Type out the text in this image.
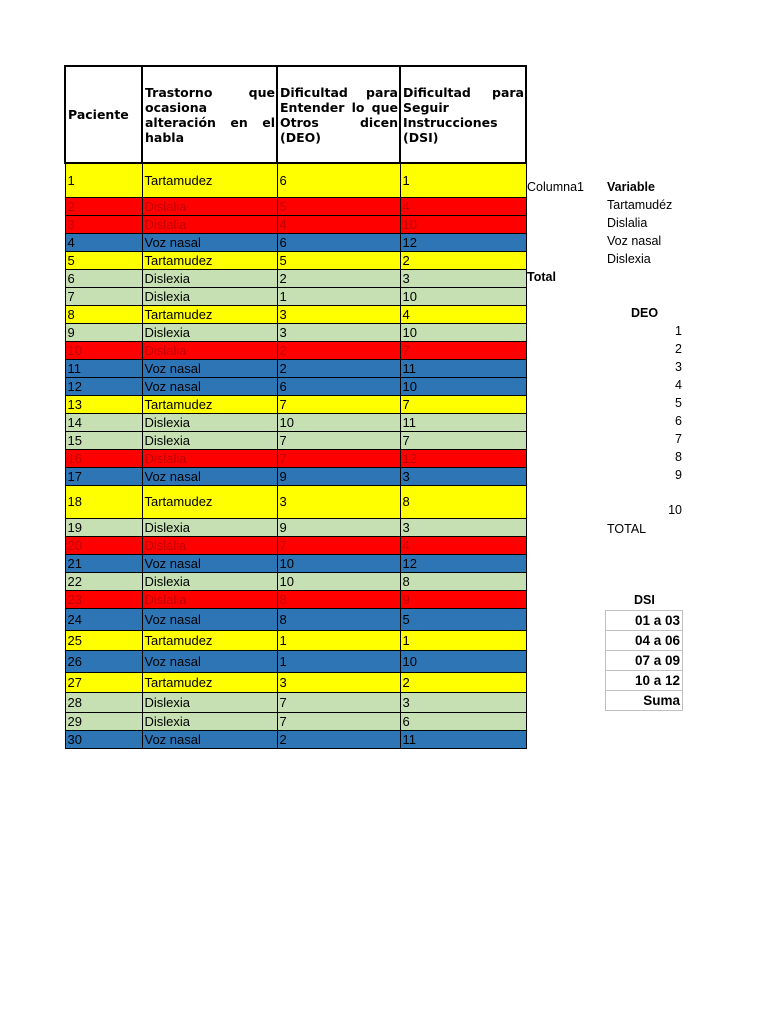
Paciente	Trastorno que ocasiona alteración en el habla	Dificultad para Entender lo que Otros dicen (DEO)	Dificultad para Seguir Instrucciones (DSI)
1	Tartamudez	6	1
2	Dislalia	5	4
3	Dislalia	4	10
4	Voz nasal	6	12
5	Tartamudez	5	2
6	Dislexia	2	3
7	Dislexia	1	10
8	Tartamudez	3	4
9	Dislexia	3	10
10	Dislalia	2	7
11	Voz nasal	2	11
12	Voz nasal	6	10
13	Tartamudez	7	7
14	Dislexia	10	11
15	Dislexia	7	7
16	Dislalia	7	12
17	Voz nasal	9	3
18	Tartamudez	3	8
19	Dislexia	9	3
20	Dislalia	7	4
21	Voz nasal	10	12
22	Dislexia	10	8
23	Dislalia	8	9
24	Voz nasal	8	5
25	Tartamudez	1	1
26	Voz nasal	1	10
27	Tartamudez	3	2
28	Dislexia	7	3
29	Dislexia	7	6
30	Voz nasal	2	11
Columna1 Variable
Tartamudéz
Dislalia
Voz nasal
Dislexia
Total
DEO
1
2
3
4
5
6
7
8
9
10
TOTAL
DSI
01 a 03
04 a 06
07 a 09
10 a 12
Suma
